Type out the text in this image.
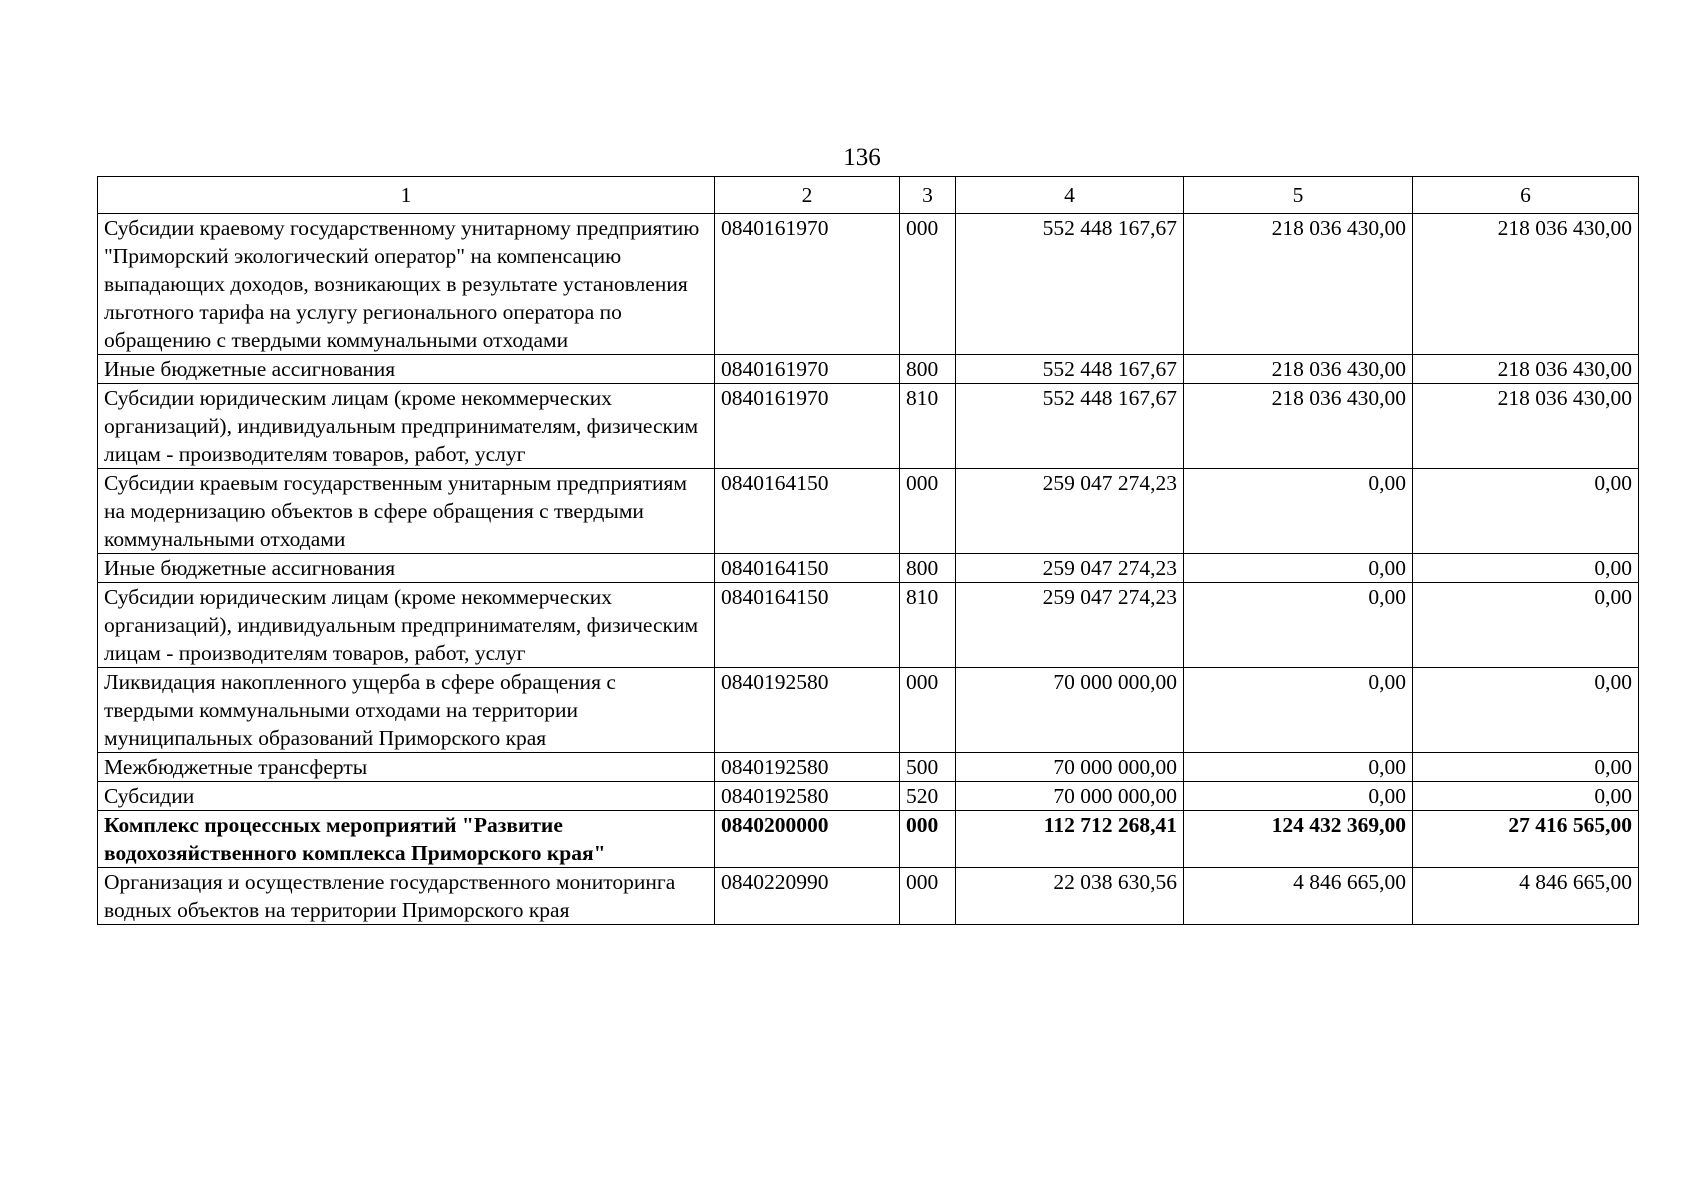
136
1	2	3	4	5	6
Субсидии краевому государственному унитарному предприятию "Приморский экологический оператор" на компенсацию выпадающих доходов, возникающих в результате установления льготного тарифа на услугу регионального оператора по обращению с твердыми коммунальными отходами	0840161970	000	552 448 167,67	218 036 430,00	218 036 430,00
Иные бюджетные ассигнования	0840161970	800	552 448 167,67	218 036 430,00	218 036 430,00
Субсидии юридическим лицам (кроме некоммерческих организаций), индивидуальным предпринимателям, физическим лицам - производителям товаров, работ, услуг	0840161970	810	552 448 167,67	218 036 430,00	218 036 430,00
Субсидии краевым государственным унитарным предприятиям на модернизацию объектов в сфере обращения с твердыми коммунальными отходами	0840164150	000	259 047 274,23	0,00	0,00
Иные бюджетные ассигнования	0840164150	800	259 047 274,23	0,00	0,00
Субсидии юридическим лицам (кроме некоммерческих организаций), индивидуальным предпринимателям, физическим лицам - производителям товаров, работ, услуг	0840164150	810	259 047 274,23	0,00	0,00
Ликвидация накопленного ущерба в сфере обращения с твердыми коммунальными отходами на территории муниципальных образований Приморского края	0840192580	000	70 000 000,00	0,00	0,00
Межбюджетные трансферты	0840192580	500	70 000 000,00	0,00	0,00
Субсидии	0840192580	520	70 000 000,00	0,00	0,00
Комплекс процессных мероприятий "Развитие водохозяйственного комплекса Приморского края"	0840200000	000	112 712 268,41	124 432 369,00	27 416 565,00
Организация и осуществление государственного мониторинга водных объектов на территории Приморского края	0840220990	000	22 038 630,56	4 846 665,00	4 846 665,00
